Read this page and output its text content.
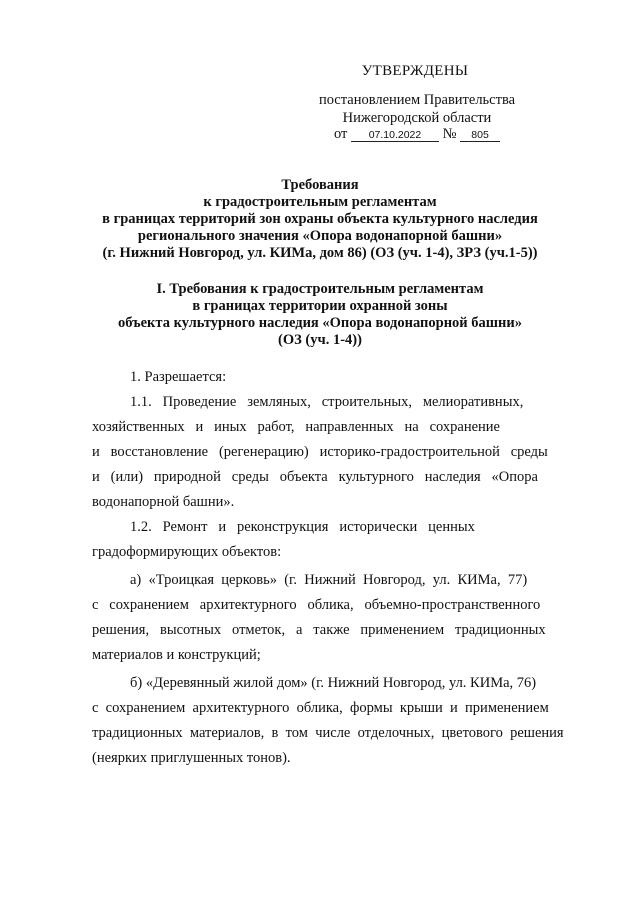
УТВЕРЖДЕНЫ
постановлением Правительства
Нижегородской области
от 07.10.2022 № 805
Требования
к градостроительным регламентам
в границах территорий зон охраны объекта культурного наследия
регионального значения «Опора водонапорной башни»
(г. Нижний Новгород, ул. КИМа, дом 86) (ОЗ (уч. 1-4), ЗРЗ (уч.1-5))
I. Требования к градостроительным регламентам
в границах территории охранной зоны
объекта культурного наследия «Опора водонапорной башни»
(ОЗ (уч. 1-4))
1. Разрешается:
1.1.   Проведение   земляных,   строительных,   мелиоративных,
хозяйственных   и   иных   работ,   направленных   на   сохранение
и   восстановление   (регенерацию)   историко-градостроительной   среды
и   (или)   природной   среды   объекта   культурного   наследия   «Опора
водонапорной башни».
1.2.   Ремонт   и   реконструкция   исторически   ценных
градоформирующих объектов:
а)  «Троицкая  церковь»  (г.  Нижний  Новгород,  ул.  КИМа,  77)
с   сохранением   архитектурного   облика,   объемно-пространственного
решения,   высотных   отметок,   а   также   применением   традиционных
материалов и конструкций;
б) «Деревянный жилой дом» (г. Нижний Новгород, ул. КИМа, 76)
с  сохранением  архитектурного  облика,  формы  крыши  и  применением
традиционных  материалов,  в  том  числе  отделочных,  цветового  решения
(неярких приглушенных тонов).
